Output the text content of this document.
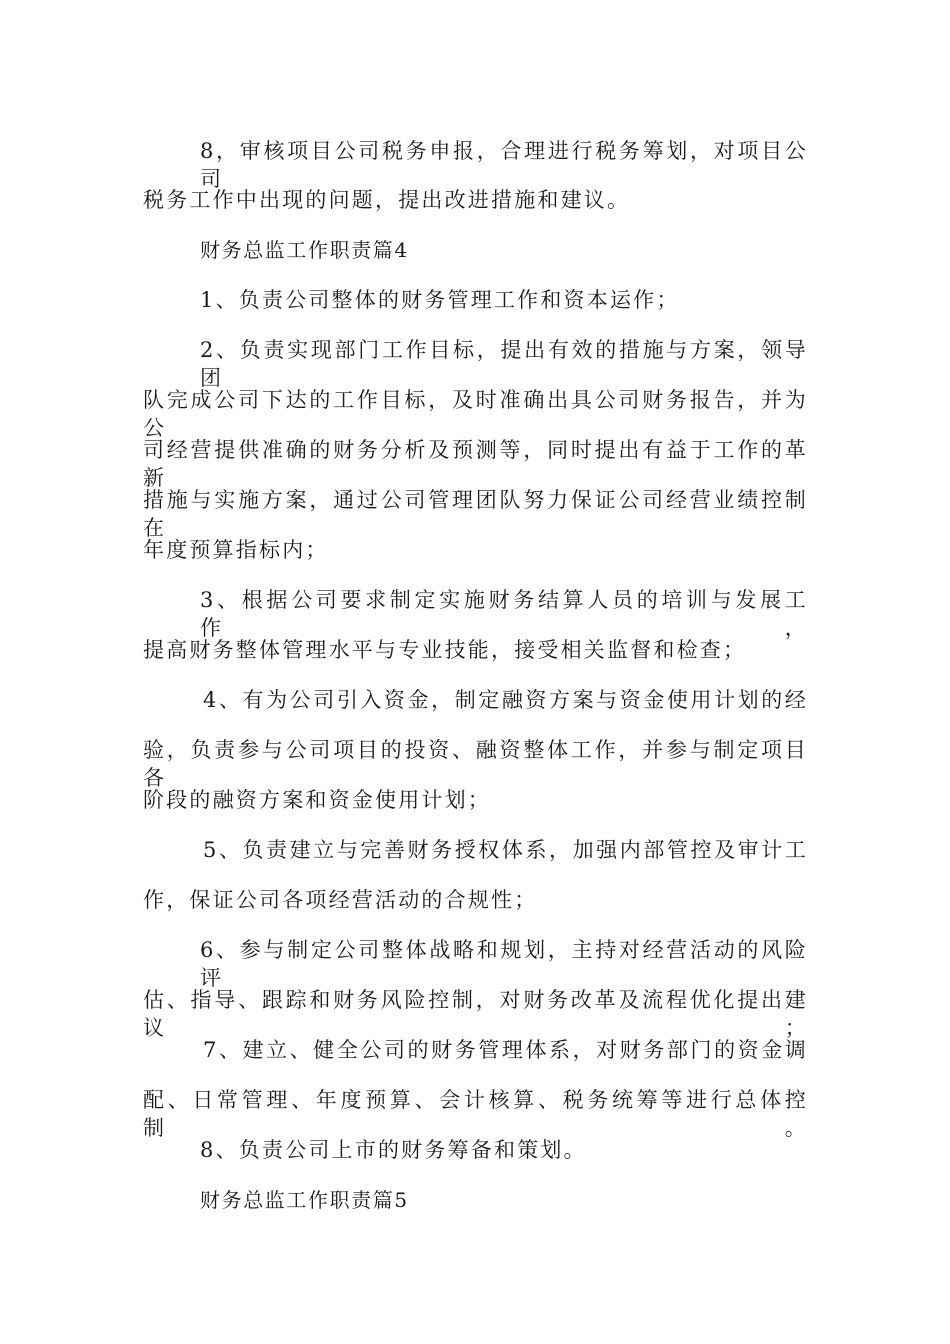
8，审核项目公司税务申报，合理进行税务筹划，对项目公司
税务工作中出现的问题，提出改进措施和建议。
财务总监工作职责篇4
1、负责公司整体的财务管理工作和资本运作；
2、负责实现部门工作目标，提出有效的措施与方案，领导团
队完成公司下达的工作目标，及时准确出具公司财务报告，并为公
司经营提供准确的财务分析及预测等，同时提出有益于工作的革新
措施与实施方案，通过公司管理团队努力保证公司经营业绩控制在
年度预算指标内；
3、根据公司要求制定实施财务结算人员的培训与发展工作，
提高财务整体管理水平与专业技能，接受相关监督和检查；
4、有为公司引入资金，制定融资方案与资金使用计划的经
验，负责参与公司项目的投资、融资整体工作，并参与制定项目各
阶段的融资方案和资金使用计划；
5、负责建立与完善财务授权体系，加强内部管控及审计工
作，保证公司各项经营活动的合规性；
6、参与制定公司整体战略和规划，主持对经营活动的风险评
估、指导、跟踪和财务风险控制，对财务改革及流程优化提出建议；
7、建立、健全公司的财务管理体系，对财务部门的资金调
配、日常管理、年度预算、会计核算、税务统筹等进行总体控制。
8、负责公司上市的财务筹备和策划。
财务总监工作职责篇5
